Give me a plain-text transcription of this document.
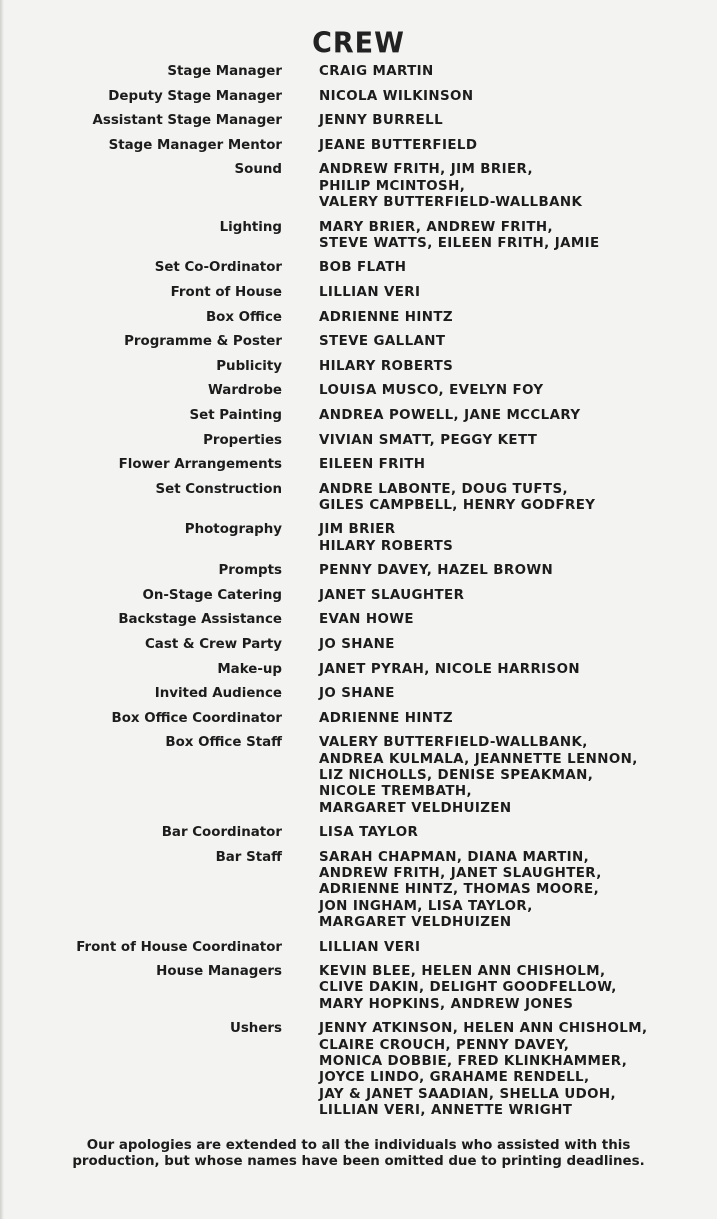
CREW
Stage Manager	CRAIG MARTIN
Deputy Stage Manager	NICOLA WILKINSON
Assistant Stage Manager	JENNY BURRELL
Stage Manager Mentor	JEANE BUTTERFIELD
Sound	ANDREW FRITH, JIM BRIER,
PHILIP MCINTOSH,
VALERY BUTTERFIELD-WALLBANK
Lighting	MARY BRIER, ANDREW FRITH,
STEVE WATTS, EILEEN FRITH, JAMIE
Set Co-Ordinator	BOB FLATH
Front of House	LILLIAN VERI
Box Office	ADRIENNE HINTZ
Programme & Poster	STEVE GALLANT
Publicity	HILARY ROBERTS
Wardrobe	LOUISA MUSCO, EVELYN FOY
Set Painting	ANDREA POWELL, JANE MCCLARY
Properties	VIVIAN SMATT, PEGGY KETT
Flower Arrangements	EILEEN FRITH
Set Construction	ANDRE LABONTE, DOUG TUFTS,
GILES CAMPBELL, HENRY GODFREY
Photography	JIM BRIER
HILARY ROBERTS
Prompts	PENNY DAVEY, HAZEL BROWN
On-Stage Catering	JANET SLAUGHTER
Backstage Assistance	EVAN HOWE
Cast & Crew Party	JO SHANE
Make-up	JANET PYRAH, NICOLE HARRISON
Invited Audience	JO SHANE
Box Office Coordinator	ADRIENNE HINTZ
Box Office Staff	VALERY BUTTERFIELD-WALLBANK,
ANDREA KULMALA, JEANNETTE LENNON,
LIZ NICHOLLS, DENISE SPEAKMAN,
NICOLE TREMBATH,
MARGARET VELDHUIZEN
Bar Coordinator	LISA TAYLOR
Bar Staff	SARAH CHAPMAN, DIANA MARTIN,
ANDREW FRITH, JANET SLAUGHTER,
ADRIENNE HINTZ, THOMAS MOORE,
JON INGHAM, LISA TAYLOR,
MARGARET VELDHUIZEN
Front of House Coordinator	LILLIAN VERI
House Managers	KEVIN BLEE, HELEN ANN CHISHOLM,
CLIVE DAKIN, DELIGHT GOODFELLOW,
MARY HOPKINS, ANDREW JONES
Ushers	JENNY ATKINSON, HELEN ANN CHISHOLM,
CLAIRE CROUCH, PENNY DAVEY,
MONICA DOBBIE, FRED KLINKHAMMER,
JOYCE LINDO, GRAHAME RENDELL,
JAY & JANET SAADIAN, SHELLA UDOH,
LILLIAN VERI, ANNETTE WRIGHT
Our apologies are extended to all the individuals who assisted with this
production, but whose names have been omitted due to printing deadlines.
